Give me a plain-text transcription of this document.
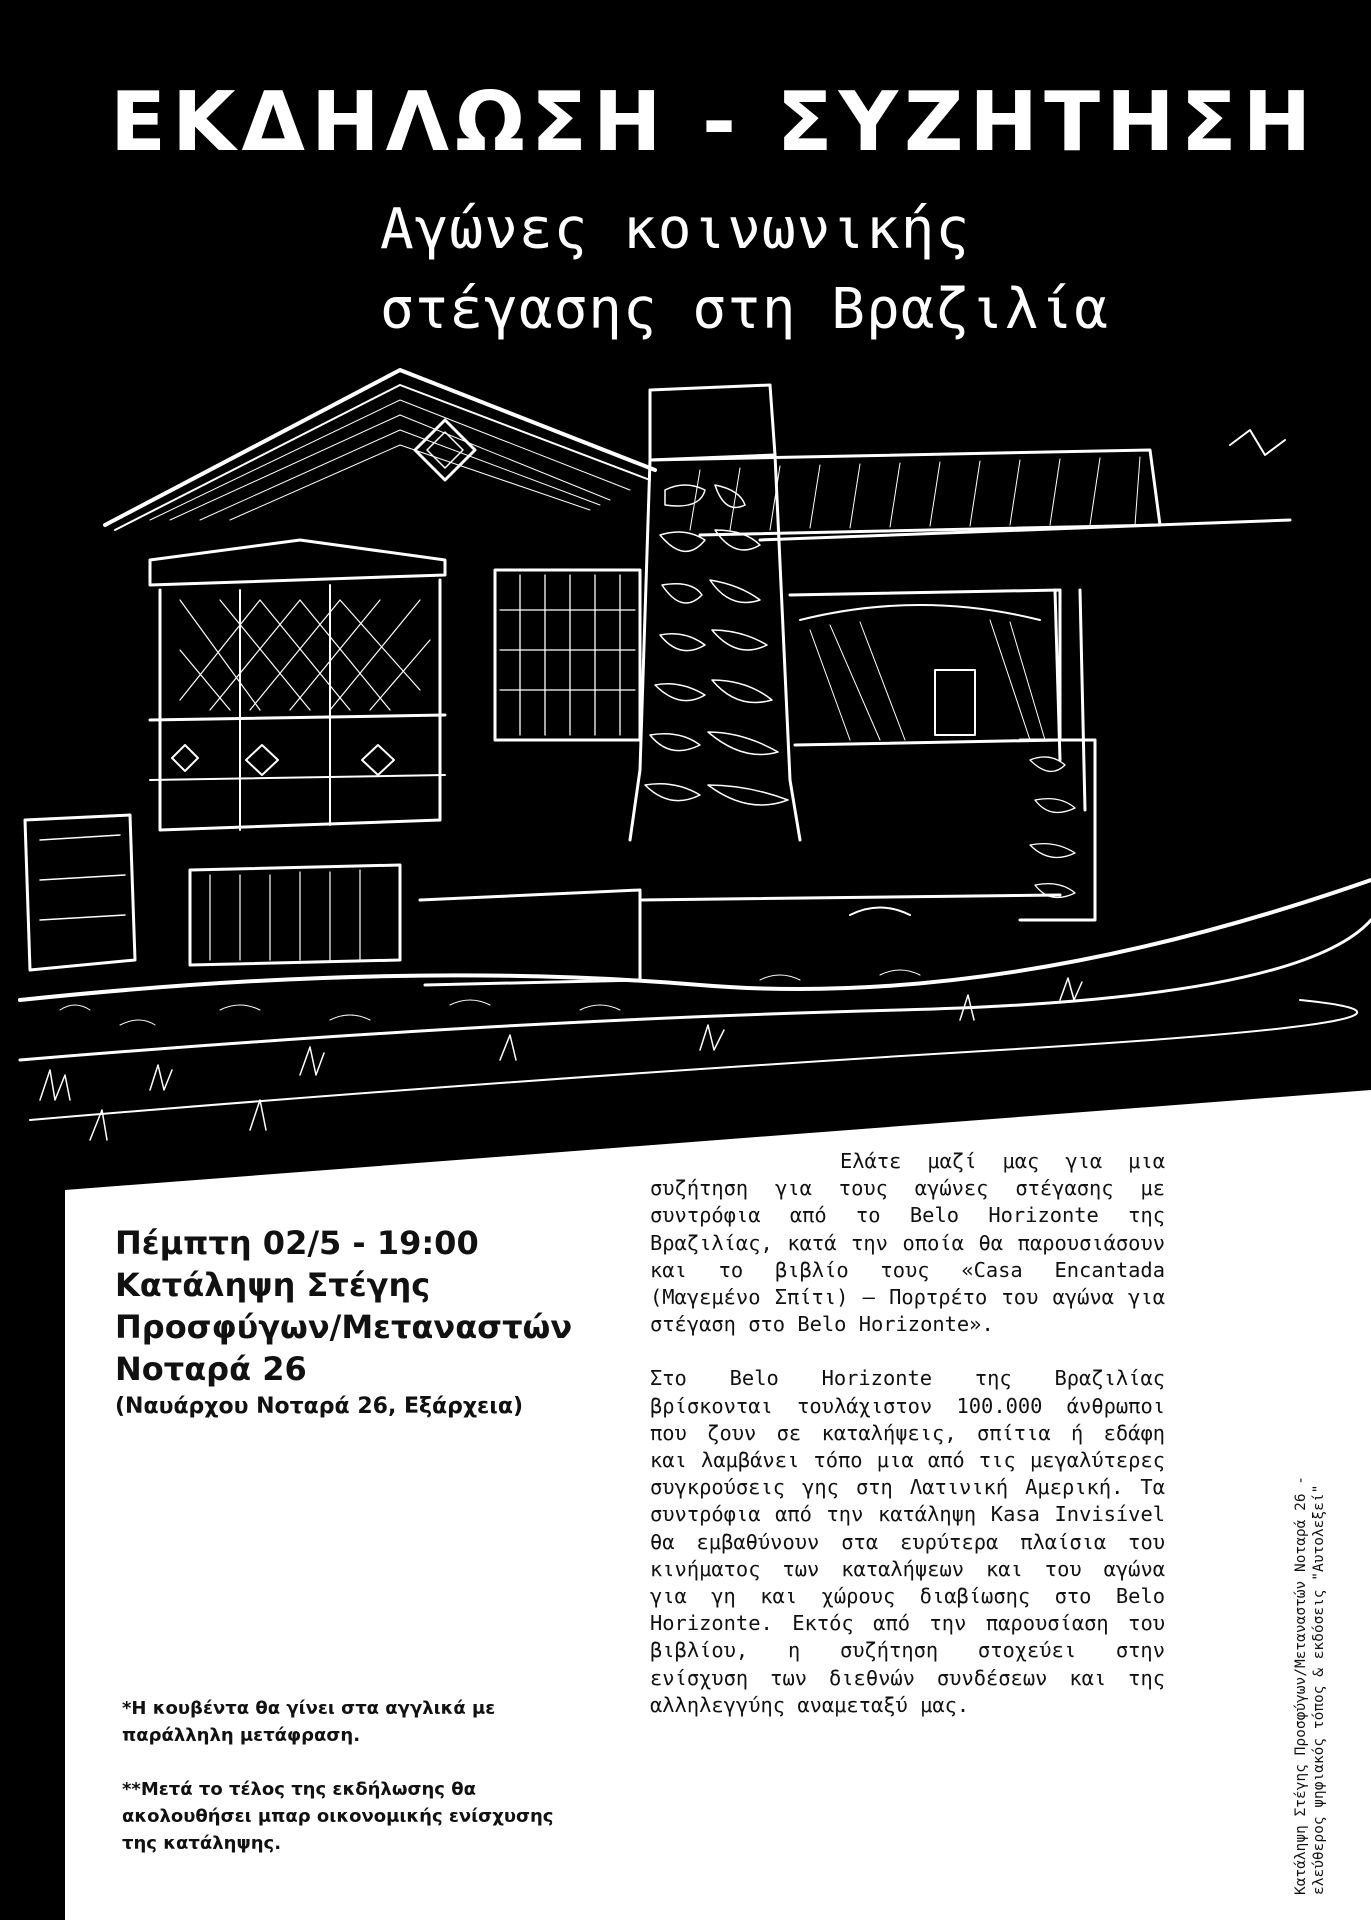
ΕΚΔΗΛΩΣΗ - ΣΥΖΗΤΗΣΗ
Αγώνες κοινωνικής
στέγασης στη Βραζιλία
Πέμπτη 02/5 - 19:00
Κατάληψη Στέγης
Προσφύγων/Μεταναστών
Νοταρά 26
(Ναυάρχου Νοταρά 26, Εξάρχεια)

*Η κουβέντα θα γίνει στα αγγλικά με παράλληλη μετάφραση.

**Μετά το τέλος της εκδήλωσης θα ακολουθήσει μπαρ οικονομικής ενίσχυσης της κατάληψης.

Ελάτε μαζί μας για μια συζήτηση για τους αγώνες στέγασης με συντρόφια από το Belo Horizonte της Βραζιλίας, κατά την οποία θα παρουσιάσουν και το βιβλίο τους «Casa Encantada (Μαγεμένο Σπίτι) – Πορτρέτο του αγώνα για στέγαση στο Belo Horizonte».

Στο Belo Horizonte της Βραζιλίας βρίσκονται τουλάχιστον 100.000 άνθρωποι που ζουν σε καταλήψεις, σπίτια ή εδάφη και λαμβάνει τόπο μια από τις μεγαλύτερες συγκρούσεις γης στη Λατινική Αμερική. Τα συντρόφια από την κατάληψη Kasa Invisível θα εμβαθύνουν στα ευρύτερα πλαίσια του κινήματος των καταλήψεων και του αγώνα για γη και χώρους διαβίωσης στο Belo Horizonte. Εκτός από την παρουσίαση του βιβλίου, η συζήτηση στοχεύει στην ενίσχυση των διεθνών συνδέσεων και της αλληλεγγύης αναμεταξύ μας.	Κατάληψη Στέγης Προσφύγων/Μεταναστών Νοταρά 26 - ελεύθερος ψηφιακός τόπος & εκδόσεις "Αυτολεξεί"
